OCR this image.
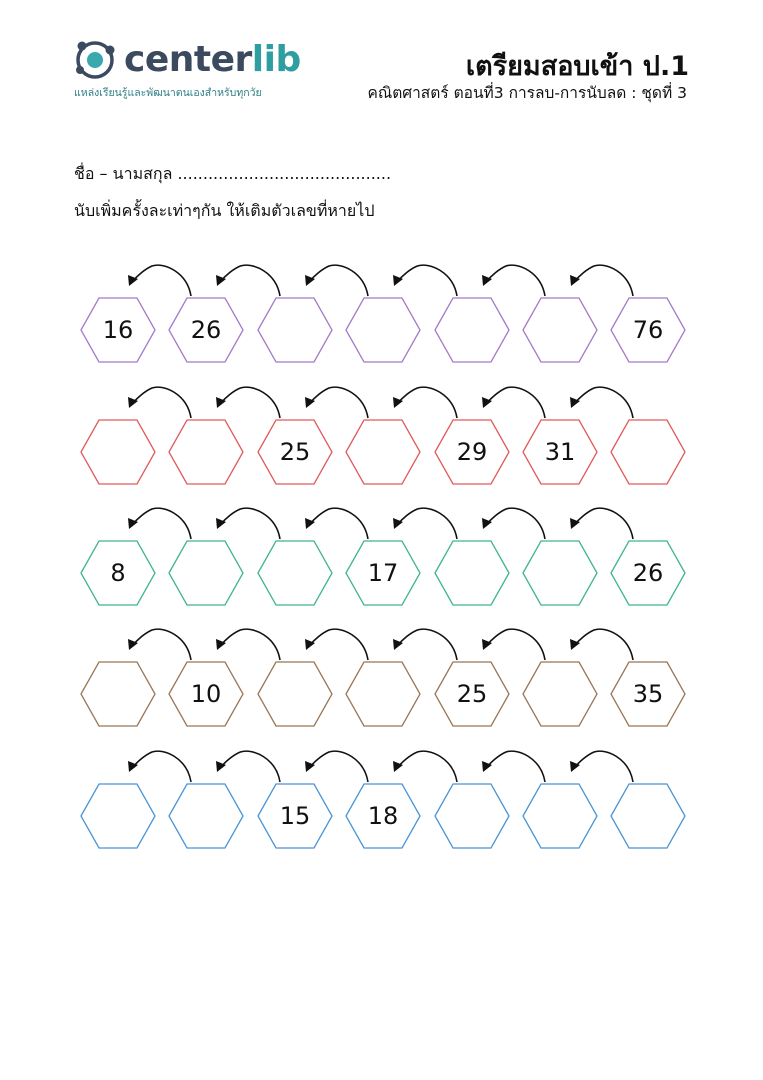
centerlib
แหล่งเรียนรู้และพัฒนาตนเองสำหรับทุกวัย
เตรียมสอบเข้า ป.1
คณิตศาสตร์ ตอนที่3 การลบ-การนับลด : ชุดที่ 3
ชื่อ – นามสกุล ..........................................
นับเพิ่มครั้งละเท่าๆกัน ให้เติมตัวเลขที่หายไป
16	26	76
25	29	31
8	17	26
10	25	35
15	18
